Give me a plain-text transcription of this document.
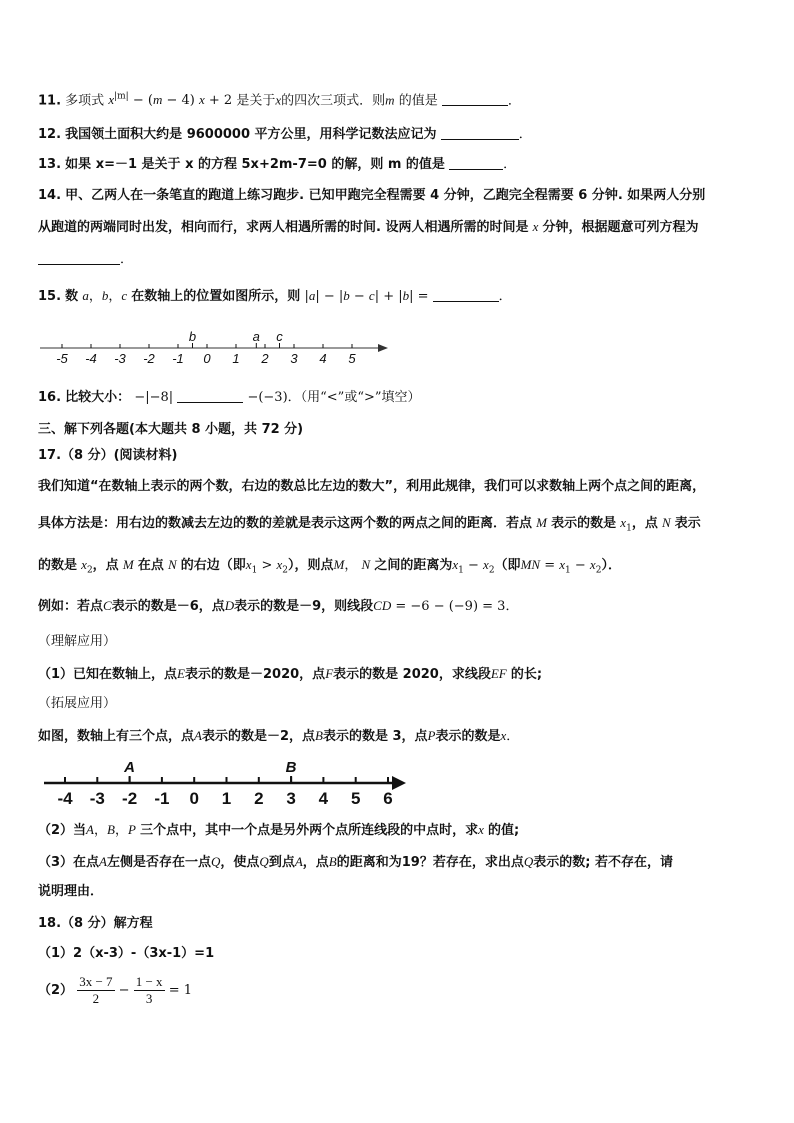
11. 多项式 $x^{|m|} - (m - 4) x + 2$ 是关于x的四次三项式．则m 的值是	．
12. 我国领土面积大约是 9600000 平方公里，用科学记数法应记为	．
13. 如果 x=－1 是关于 x 的方程 5x+2m-7=0 的解，则 m 的值是	．
14. 甲、乙两人在一条笔直的跑道上练习跑步. 已知甲跑完全程需要 4 分钟，乙跑完全程需要 6 分钟. 如果两人分别
从跑道的两端同时出发，相向而行，求两人相遇所需的时间. 设两人相遇所需的时间是 x 分钟，根据题意可列方程为
．
15. 数 a，b，c 在数轴上的位置如图所示，则 |a| − |b − c| + |b| =	．
-5 -4 -3 -2 -1 0 1 2 3 4 5
b	a c
16. 比较大小： −|−8|	−(−3)．（用“<”或“>”填空）
三、解下列各题(本大题共 8 小题，共 72 分)
17.（8 分）(阅读材料)
我们知道“在数轴上表示的两个数，右边的数总比左边的数大”，利用此规律，我们可以求数轴上两个点之间的距离，
具体方法是：用右边的数减去左边的数的差就是表示这两个数的两点之间的距离．若点 M 表示的数是 $x_1$，点 N 表示
的数是 $x_2$，点 M 在点 N 的右边（即$x_1 > x_2$），则点M， N 之间的距离为$x_1 - x_2$（即MN = $x_1 - x_2$）．
例如：若点C表示的数是－6，点D表示的数是－9，则线段CD = −6 − (−9) = 3．
（理解应用）
（1）已知在数轴上，点E表示的数是－2020，点F表示的数是 2020，求线段EF 的长;
（拓展应用）
如图，数轴上有三个点，点A表示的数是－2，点B表示的数是 3，点P表示的数是x．
-4 -3 -2 -1 0 1 2 3 4 5 6
A	B
（2）当A，B，P 三个点中，其中一个点是另外两个点所连线段的中点时，求x 的值;
（3）在点A左侧是否存在一点Q，使点Q到点A，点B的距离和为19？若存在，求出点Q表示的数; 若不存在，请
说明理由．
18.（8 分）解方程
（1）2（x-3）-（3x-1）=1
$(2) \frac{3x - 7}{2} - \frac{1 - x}{3} = 1$
